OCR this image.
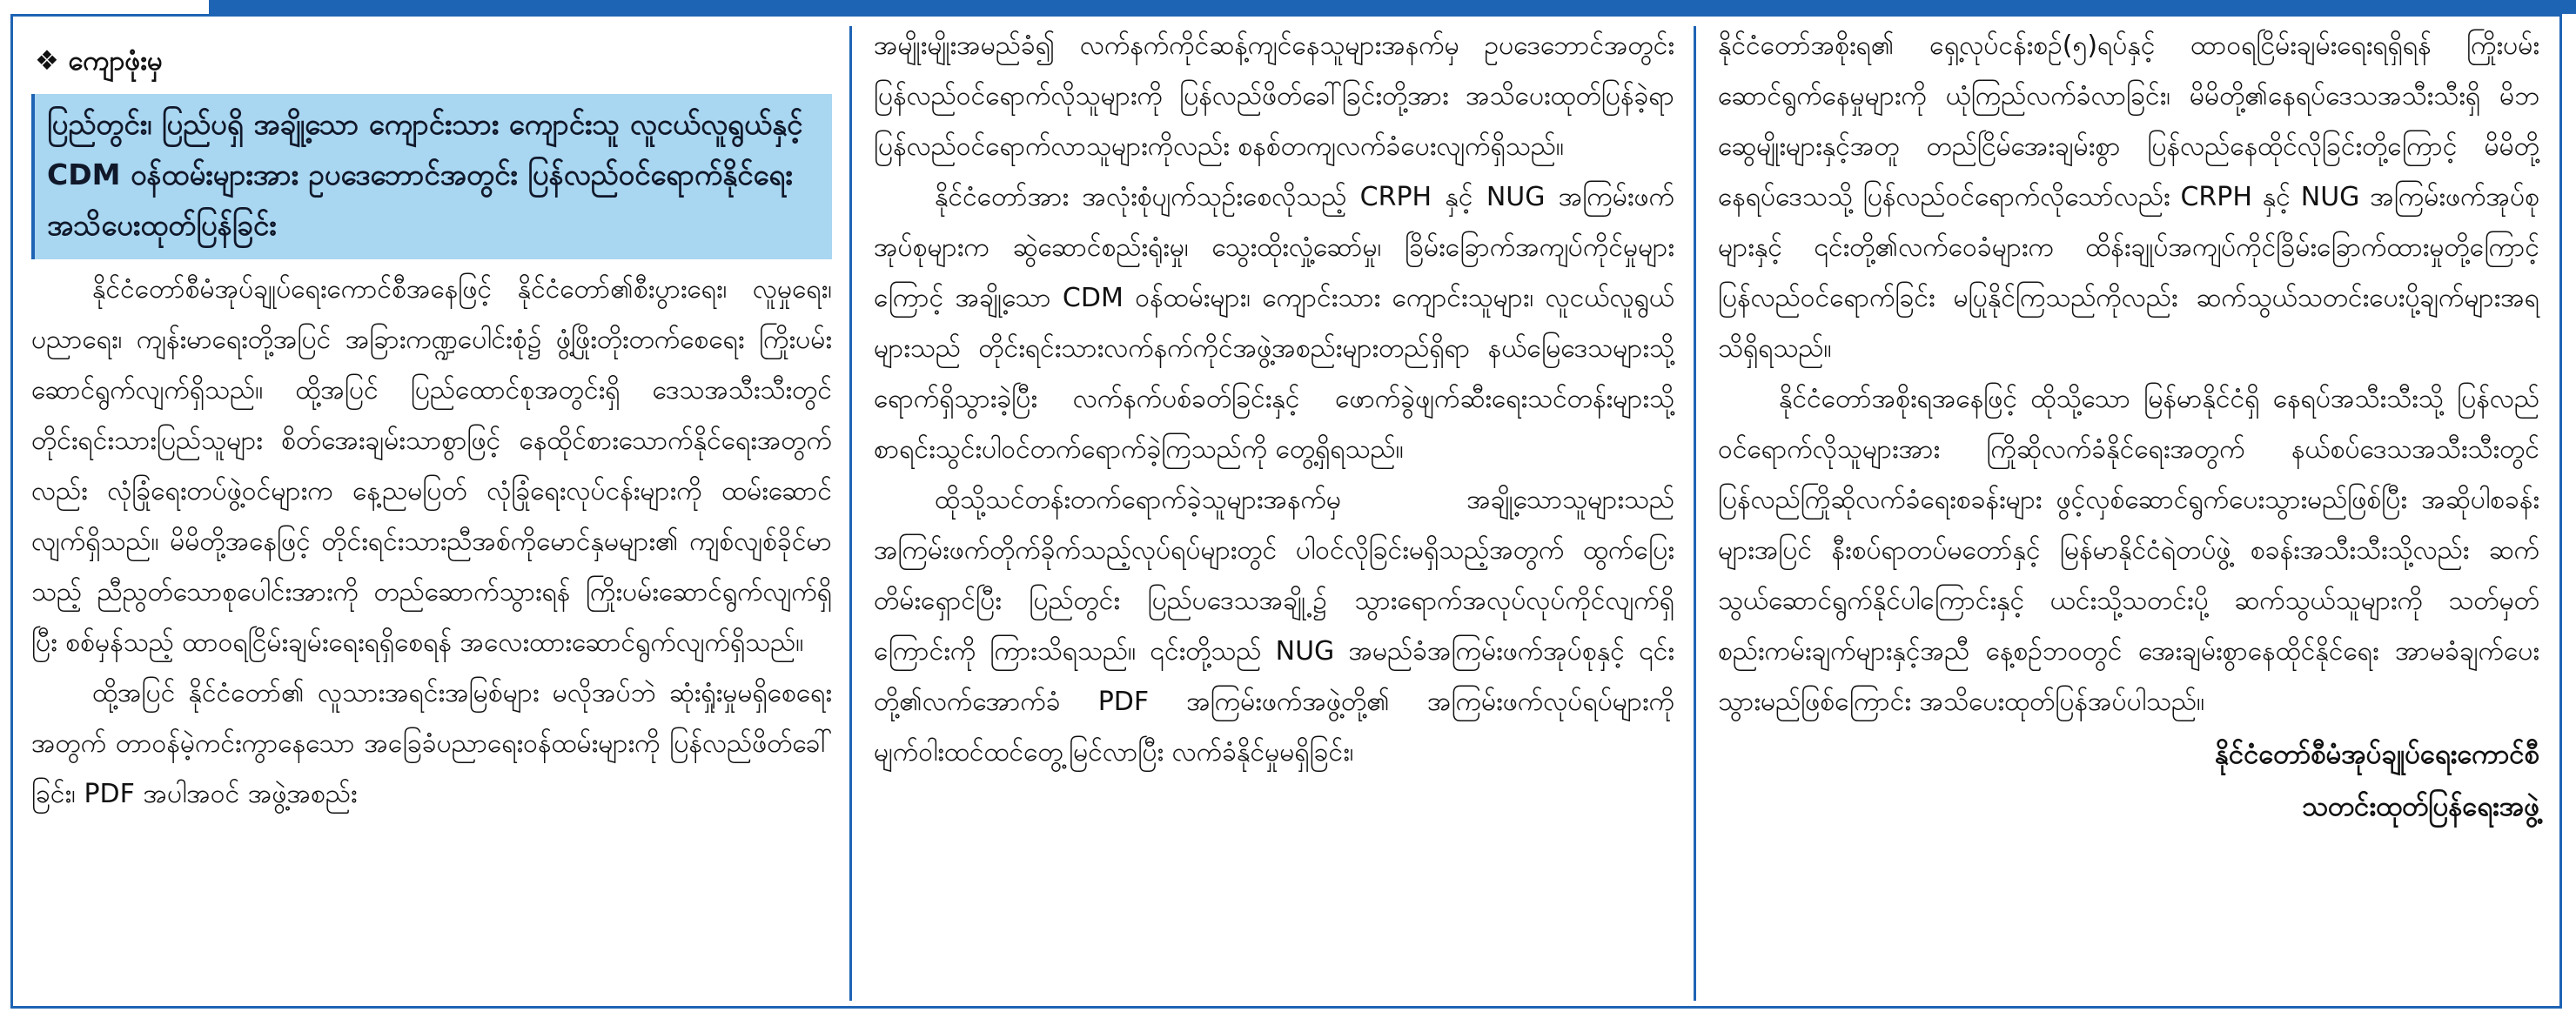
❖ ကျောဖုံးမှ
ပြည်တွင်း၊ ပြည်ပရှိ အချို့သော ကျောင်းသား ကျောင်းသူ လူငယ်လူရွယ်နှင့် CDM ဝန်ထမ်းများအား ဥပဒေဘောင်အတွင်း ပြန်လည်ဝင်ရောက်နိုင်ရေး အသိပေးထုတ်ပြန်ခြင်း

နိုင်ငံတော်စီမံအုပ်ချုပ်ရေးကောင်စီအနေဖြင့် နိုင်ငံတော်၏စီးပွားရေး၊ လူမှုရေး၊ ပညာရေး၊ ကျန်းမာရေးတို့အပြင် အခြားကဏ္ဍပေါင်းစုံ၌ ဖွံ့ဖြိုးတိုးတက်စေရေး ကြိုးပမ်းဆောင်ရွက်လျက်ရှိသည်။ ထို့အပြင် ပြည်ထောင်စုအတွင်းရှိ ဒေသအသီးသီးတွင် တိုင်းရင်းသားပြည်သူများ စိတ်အေးချမ်းသာစွာဖြင့် နေထိုင်စားသောက်နိုင်ရေးအတွက်လည်း လုံခြုံရေးတပ်ဖွဲ့ဝင်များက နေ့ညမပြတ် လုံခြုံရေးလုပ်ငန်းများကို ထမ်းဆောင်လျက်ရှိသည်။ မိမိတို့အနေဖြင့် တိုင်းရင်းသားညီအစ်ကိုမောင်နှမများ၏ ကျစ်လျစ်ခိုင်မာသည့် ညီညွတ်သောစုပေါင်းအားကို တည်ဆောက်သွားရန် ကြိုးပမ်းဆောင်ရွက်လျက်ရှိပြီး စစ်မှန်သည့် ထာဝရငြိမ်းချမ်းရေးရရှိစေရန် အလေးထားဆောင်ရွက်လျက်ရှိသည်။

ထို့အပြင် နိုင်ငံတော်၏ လူသားအရင်းအမြစ်များ မလိုအပ်ဘဲ ဆုံးရှုံးမှုမရှိစေရေးအတွက် တာဝန်မဲ့ကင်းကွာနေသော အခြေခံပညာရေးဝန်ထမ်းများကို ပြန်လည်ဖိတ်ခေါ်ခြင်း၊ PDF အပါအဝင် အဖွဲ့အစည်း

အမျိုးမျိုးအမည်ခံ၍ လက်နက်ကိုင်ဆန့်ကျင်နေသူများအနက်မှ ဥပဒေဘောင်အတွင်း ပြန်လည်ဝင်ရောက်လိုသူများကို ပြန်လည်ဖိတ်ခေါ်ခြင်းတို့အား အသိပေးထုတ်ပြန်ခဲ့ရာ ပြန်လည်ဝင်ရောက်လာသူများကိုလည်း စနစ်တကျလက်ခံပေးလျက်ရှိသည်။

နိုင်ငံတော်အား အလုံးစုံပျက်သုဉ်းစေလိုသည့် CRPH နှင့် NUG အကြမ်းဖက်အုပ်စုများက ဆွဲဆောင်စည်းရုံးမှု၊ သွေးထိုးလှုံ့ဆော်မှု၊ ခြိမ်းခြောက်အကျပ်ကိုင်မှုများကြောင့် အချို့သော CDM ဝန်ထမ်းများ၊ ကျောင်းသား ကျောင်းသူများ၊ လူငယ်လူရွယ်များသည် တိုင်းရင်းသားလက်နက်ကိုင်အဖွဲ့အစည်းများတည်ရှိရာ နယ်မြေဒေသများသို့ ရောက်ရှိသွားခဲ့ပြီး လက်နက်ပစ်ခတ်ခြင်းနှင့် ဖောက်ခွဲဖျက်ဆီးရေးသင်တန်းများသို့ စာရင်းသွင်းပါဝင်တက်ရောက်ခဲ့ကြသည်ကို တွေ့ရှိရသည်။

ထိုသို့သင်တန်းတက်ရောက်ခဲ့သူများအနက်မှ အချို့သောသူများသည် အကြမ်းဖက်တိုက်ခိုက်သည့်လုပ်ရပ်များတွင် ပါဝင်လိုခြင်းမရှိသည့်အတွက် ထွက်ပြေးတိမ်းရှောင်ပြီး ပြည်တွင်း ပြည်ပဒေသအချို့၌ သွားရောက်အလုပ်လုပ်ကိုင်လျက်ရှိကြောင်းကို ကြားသိရသည်။ ၎င်းတို့သည် NUG အမည်ခံအကြမ်းဖက်အုပ်စုနှင့် ၎င်းတို့၏လက်အောက်ခံ PDF အကြမ်းဖက်အဖွဲ့တို့၏ အကြမ်းဖက်လုပ်ရပ်များကို မျက်ဝါးထင်ထင်တွေ့မြင်လာပြီး လက်ခံနိုင်မှုမရှိခြင်း၊

နိုင်ငံတော်အစိုးရ၏ ရှေ့လုပ်ငန်းစဉ်(၅)ရပ်နှင့် ထာဝရငြိမ်းချမ်းရေးရရှိရန် ကြိုးပမ်းဆောင်ရွက်နေမှုများကို ယုံကြည်လက်ခံလာခြင်း၊ မိမိတို့၏နေရပ်ဒေသအသီးသီးရှိ မိဘဆွေမျိုးများနှင့်အတူ တည်ငြိမ်အေးချမ်းစွာ ပြန်လည်နေထိုင်လိုခြင်းတို့ကြောင့် မိမိတို့နေရပ်ဒေသသို့ ပြန်လည်ဝင်ရောက်လိုသော်လည်း CRPH နှင့် NUG အကြမ်းဖက်အုပ်စုများနှင့် ၎င်းတို့၏လက်ဝေခံများက ထိန်းချုပ်အကျပ်ကိုင်ခြိမ်းခြောက်ထားမှုတို့ကြောင့် ပြန်လည်ဝင်ရောက်ခြင်း မပြုနိုင်ကြသည်ကိုလည်း ဆက်သွယ်သတင်းပေးပို့ချက်များအရ သိရှိရသည်။

နိုင်ငံတော်အစိုးရအနေဖြင့် ထိုသို့သော မြန်မာနိုင်ငံရှိ နေရပ်အသီးသီးသို့ ပြန်လည်ဝင်ရောက်လိုသူများအား ကြိုဆိုလက်ခံနိုင်ရေးအတွက် နယ်စပ်ဒေသအသီးသီးတွင် ပြန်လည်ကြိုဆိုလက်ခံရေးစခန်းများ ဖွင့်လှစ်ဆောင်ရွက်ပေးသွားမည်ဖြစ်ပြီး အဆိုပါစခန်းများအပြင် နီးစပ်ရာတပ်မတော်နှင့် မြန်မာနိုင်ငံရဲတပ်ဖွဲ့ စခန်းအသီးသီးသို့လည်း ဆက်သွယ်ဆောင်ရွက်နိုင်ပါကြောင်းနှင့် ယင်းသို့သတင်းပို့ ဆက်သွယ်သူများကို သတ်မှတ်စည်းကမ်းချက်များနှင့်အညီ နေ့စဉ်ဘဝတွင် အေးချမ်းစွာနေထိုင်နိုင်ရေး အာမခံချက်ပေးသွားမည်ဖြစ်ကြောင်း အသိပေးထုတ်ပြန်အပ်ပါသည်။

နိုင်ငံတော်စီမံအုပ်ချုပ်ရေးကောင်စီ
သတင်းထုတ်ပြန်ရေးအဖွဲ့
